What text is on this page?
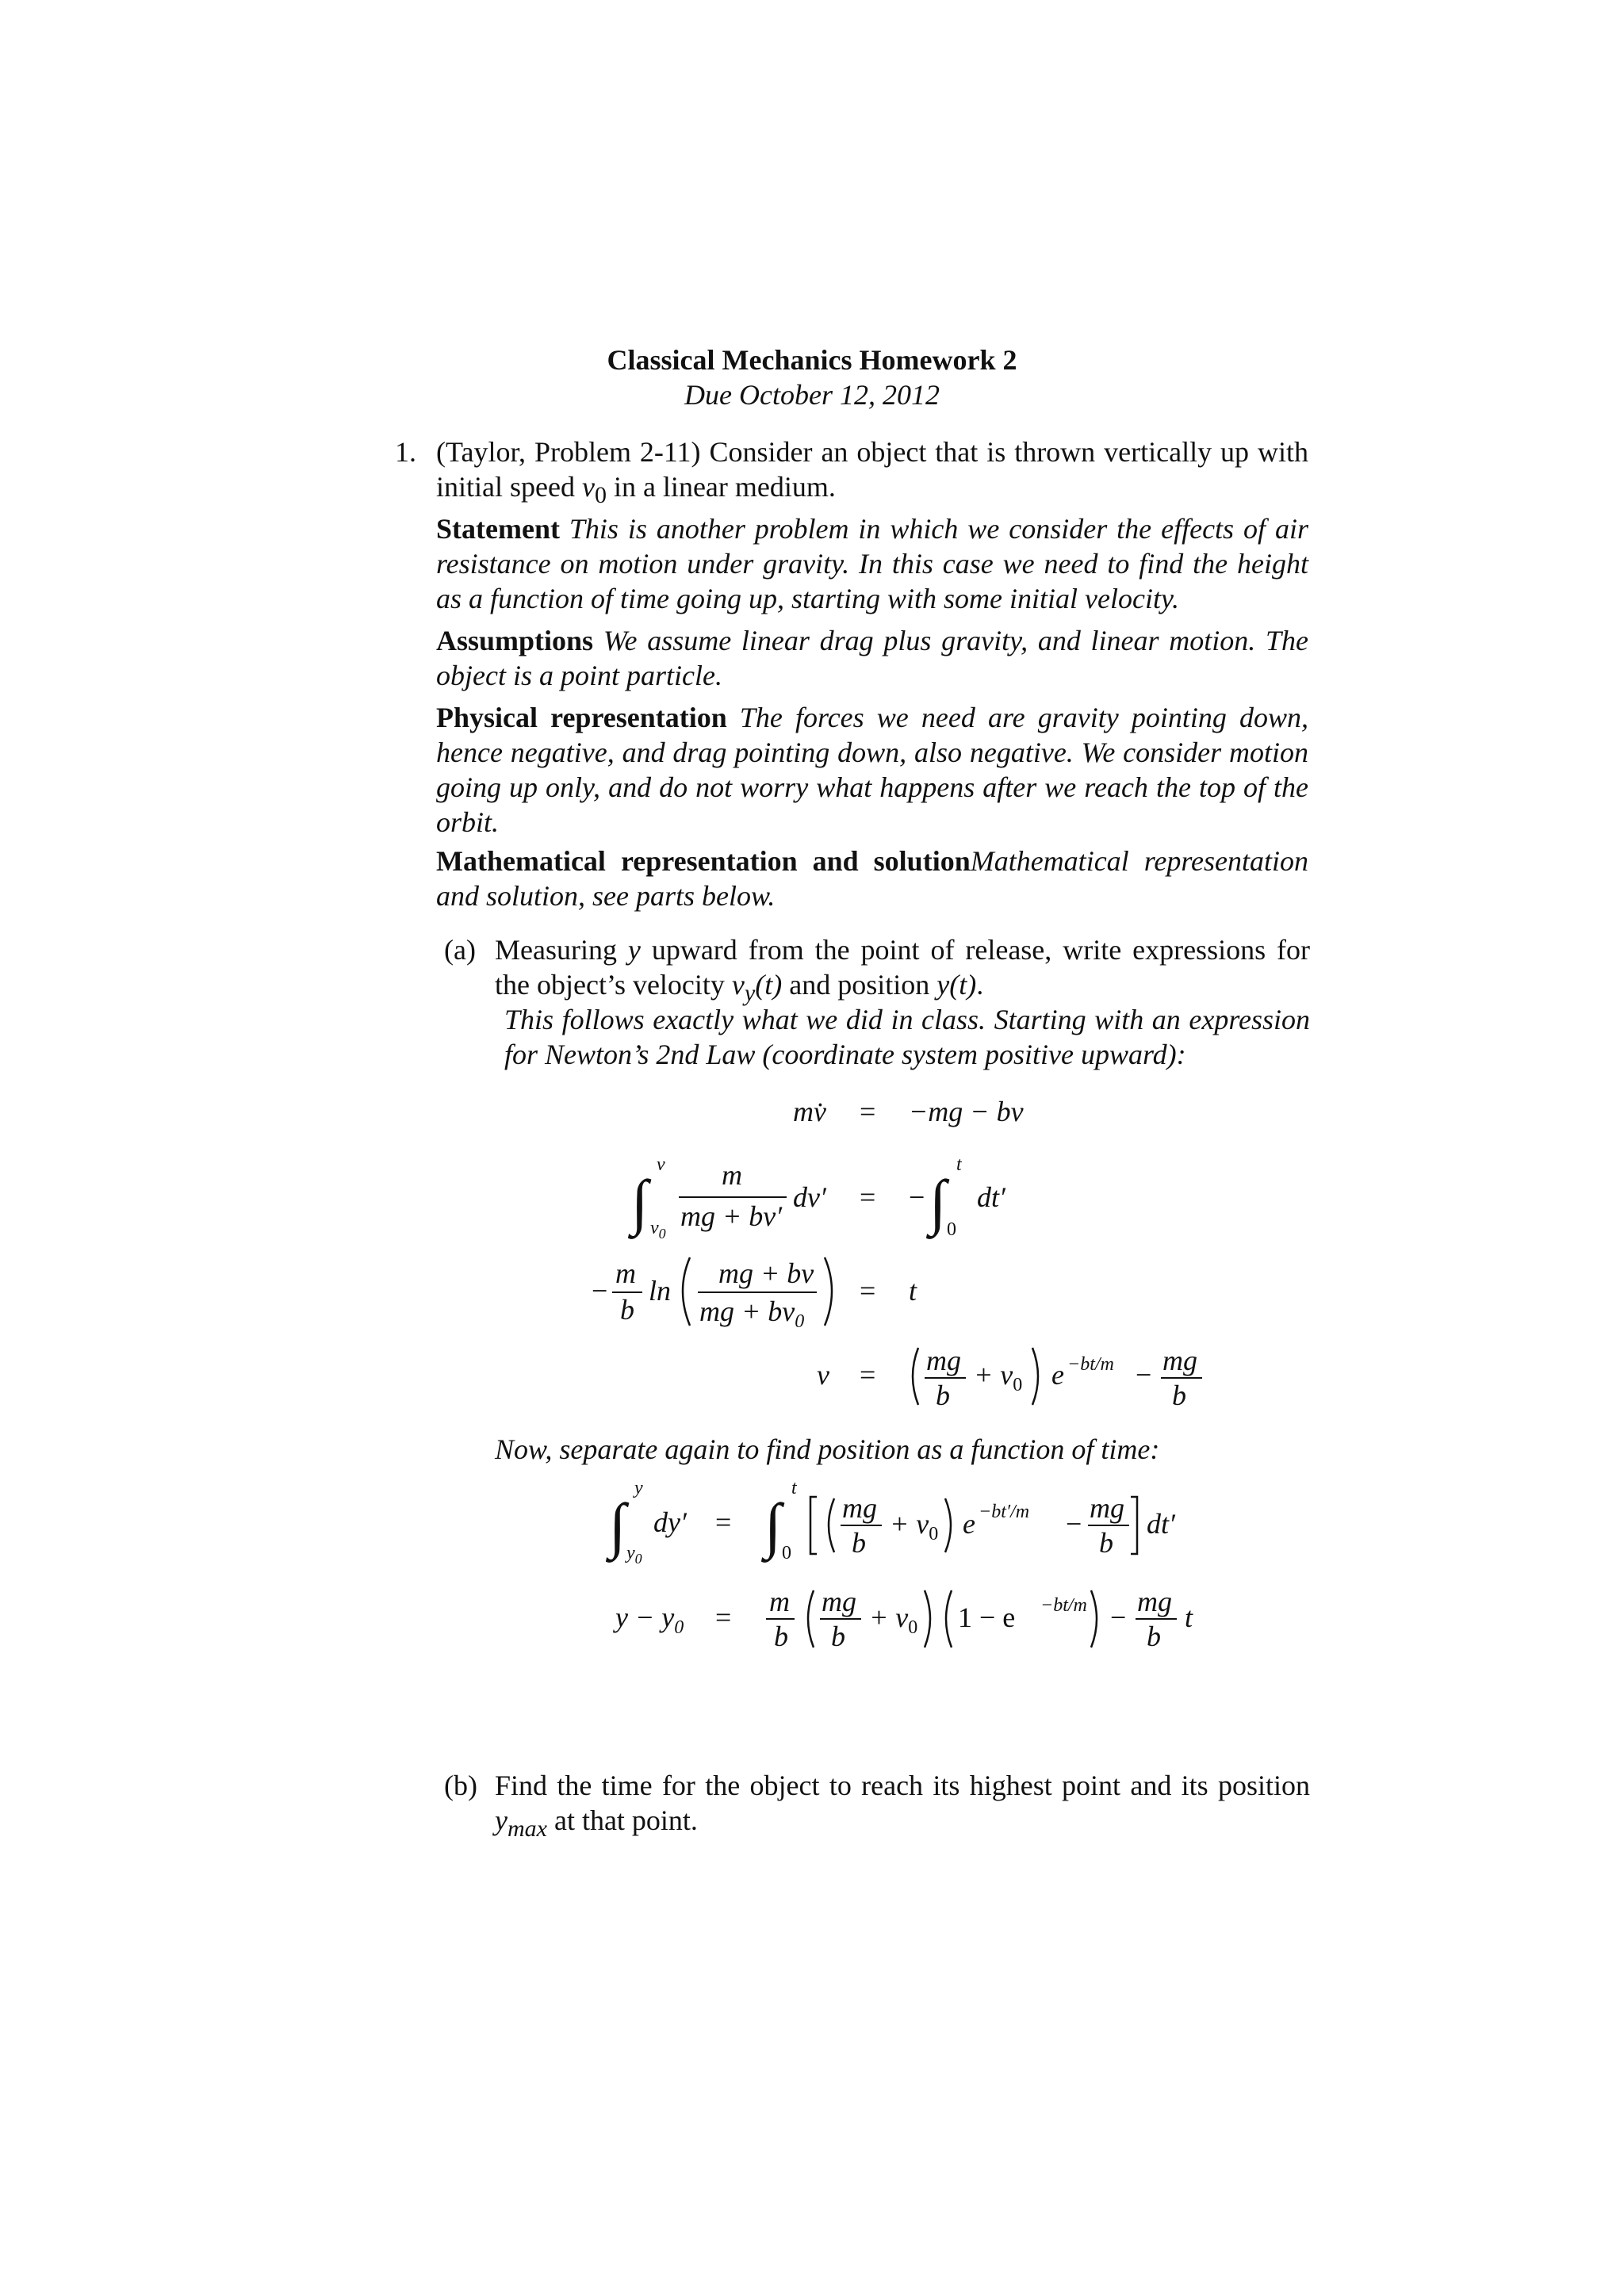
Classical Mechanics Homework 2
Due October 12, 2012
1. (Taylor, Problem 2-11) Consider an object that is thrown vertically up with initial speed $v_0$ in a linear medium.
Statement This is another problem in which we consider the effects of air resistance on motion under gravity. In this case we need to find the height as a function of time going up, starting with some initial velocity.
Assumptions We assume linear drag plus gravity, and linear motion. The object is a point particle.
Physical representation The forces we need are gravity pointing down, hence negative, and drag pointing down, also negative. We consider motion going up only, and do not worry what happens after we reach the top of the orbit.
Mathematical representation and solutionMathematical representation and solution, see parts below.
(a) Measuring y upward from the point of release, write expressions for the object’s velocity $v_y(t)$ and position y(t).
This follows exactly what we did in class. Starting with an expression for Newton’s 2nd Law (coordinate system positive upward):
mv̇ = −mg − bv
∫
v
$v_0$
m
mg + bv′
dv′ = − ∫
t
0
dt′
−
m
b
ln
mg + bv
mg + $bv_0$
= t
v = mg
b
+ $v_0$ e −bt/m − mg
b
∫
y
$y_0$
dy′ = ∫
t
0
mg
b
+ $v_0$ e −bt′/m − mg
b
dt′
$y - y_0 = m$
b
mg
b
+ $v_0$ 1 − e −bt/m − mg
b
t
Now, separate again to find position as a function of time:
(b) Find the time for the object to reach its highest point and its position $y_{max}$ at that point.
